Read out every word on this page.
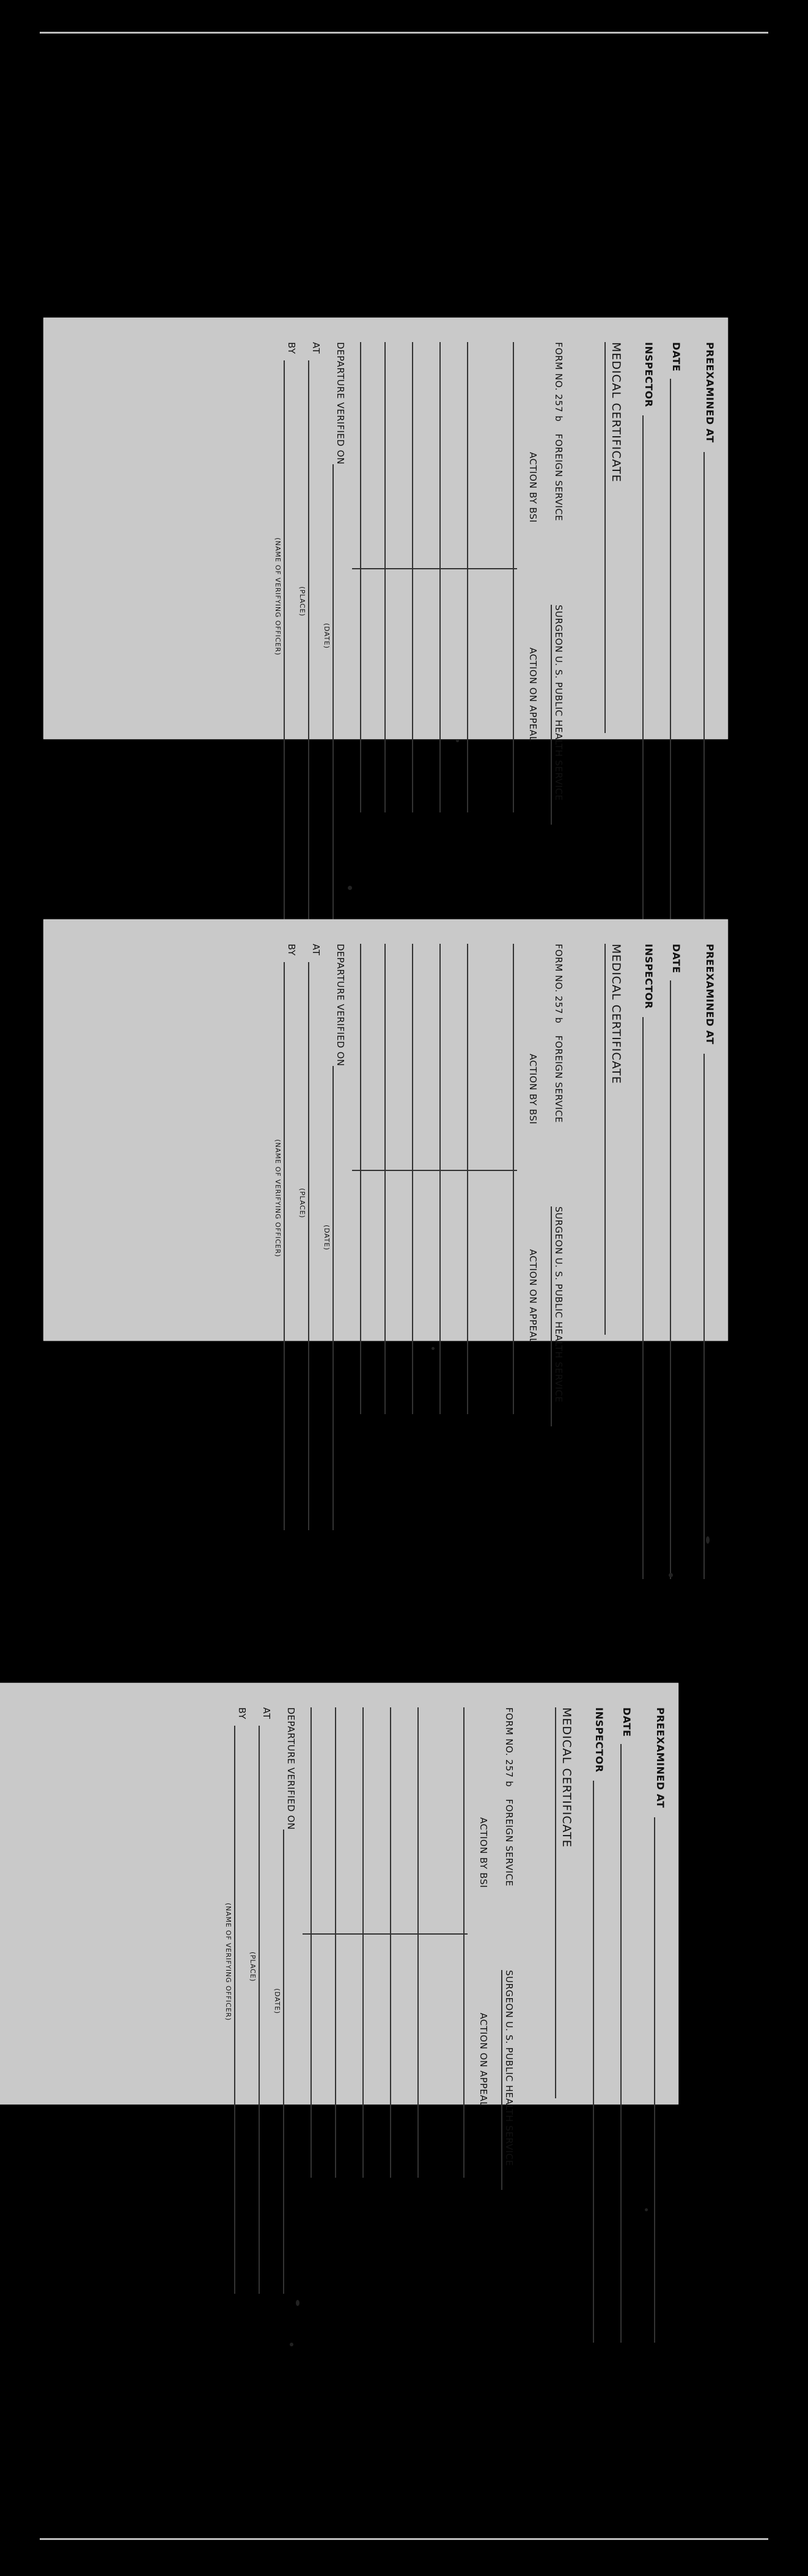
PREEXAMINED AT
DATE
INSPECTOR
MEDICAL CERTIFICATE
FORM NO. 257 b
FOREIGN SERVICE
SURGEON U. S. PUBLIC HEALTH SERVICE
ACTION BY BSI
ACTION ON APPEAL
DEPARTURE VERIFIED ON
(DATE)
AT
(PLACE)
BY
(NAME OF VERIFYING OFFICER)
PREEXAMINED AT
DATE
INSPECTOR
MEDICAL CERTIFICATE
FORM NO. 257 b
FOREIGN SERVICE
SURGEON U. S. PUBLIC HEALTH SERVICE
ACTION BY BSI
ACTION ON APPEAL
DEPARTURE VERIFIED ON
(DATE)
AT
(PLACE)
BY
(NAME OF VERIFYING OFFICER)
PREEXAMINED AT
DATE
INSPECTOR
MEDICAL CERTIFICATE
FORM NO. 257 b
FOREIGN SERVICE
SURGEON U. S. PUBLIC HEALTH SERVICE
ACTION BY BSI
ACTION ON APPEAL
DEPARTURE VERIFIED ON
(DATE)
AT
(PLACE)
BY
(NAME OF VERIFYING OFFICER)
